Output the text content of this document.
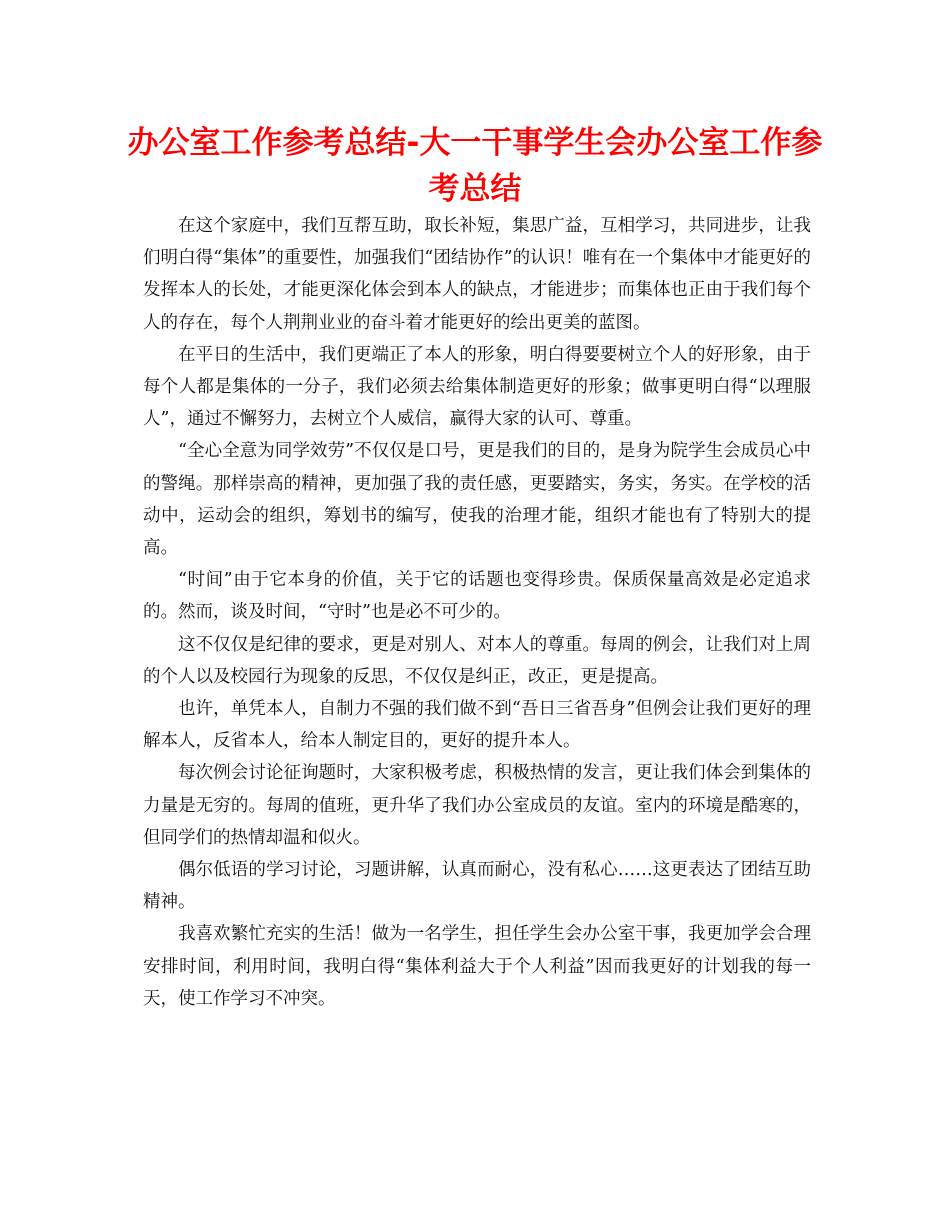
办公室工作参考总结-大一干事学生会办公室工作参考总结

在这个家庭中，我们互帮互助，取长补短，集思广益，互相学习，共同进步，让我们明白得“集体”的重要性，加强我们“团结协作”的认识！唯有在一个集体中才能更好的发挥本人的长处，才能更深化体会到本人的缺点，才能进步；而集体也正由于我们每个人的存在，每个人荆荆业业的奋斗着才能更好的绘出更美的蓝图。

在平日的生活中，我们更端正了本人的形象，明白得要要树立个人的好形象，由于每个人都是集体的一分子，我们必须去给集体制造更好的形象；做事更明白得“以理服人”，通过不懈努力，去树立个人威信，赢得大家的认可、尊重。

“全心全意为同学效劳”不仅仅是口号，更是我们的目的，是身为院学生会成员心中的警绳。那样崇高的精神，更加强了我的责任感，更要踏实，务实，务实。在学校的活动中，运动会的组织，筹划书的编写，使我的治理才能，组织才能也有了特别大的提高。

“时间”由于它本身的价值，关于它的话题也变得珍贵。保质保量高效是必定追求的。然而，谈及时间，“守时”也是必不可少的。

这不仅仅是纪律的要求，更是对别人、对本人的尊重。每周的例会，让我们对上周的个人以及校园行为现象的反思，不仅仅是纠正，改正，更是提高。

也许，单凭本人，自制力不强的我们做不到“吾日三省吾身”但例会让我们更好的理解本人，反省本人，给本人制定目的，更好的提升本人。

每次例会讨论征询题时，大家积极考虑，积极热情的发言，更让我们体会到集体的力量是无穷的。每周的值班，更升华了我们办公室成员的友谊。室内的环境是酷寒的，但同学们的热情却温和似火。

偶尔低语的学习讨论，习题讲解，认真而耐心，没有私心……这更表达了团结互助精神。

我喜欢繁忙充实的生活！做为一名学生，担任学生会办公室干事，我更加学会合理安排时间，利用时间，我明白得“集体利益大于个人利益”因而我更好的计划我的每一天，使工作学习不冲突。
